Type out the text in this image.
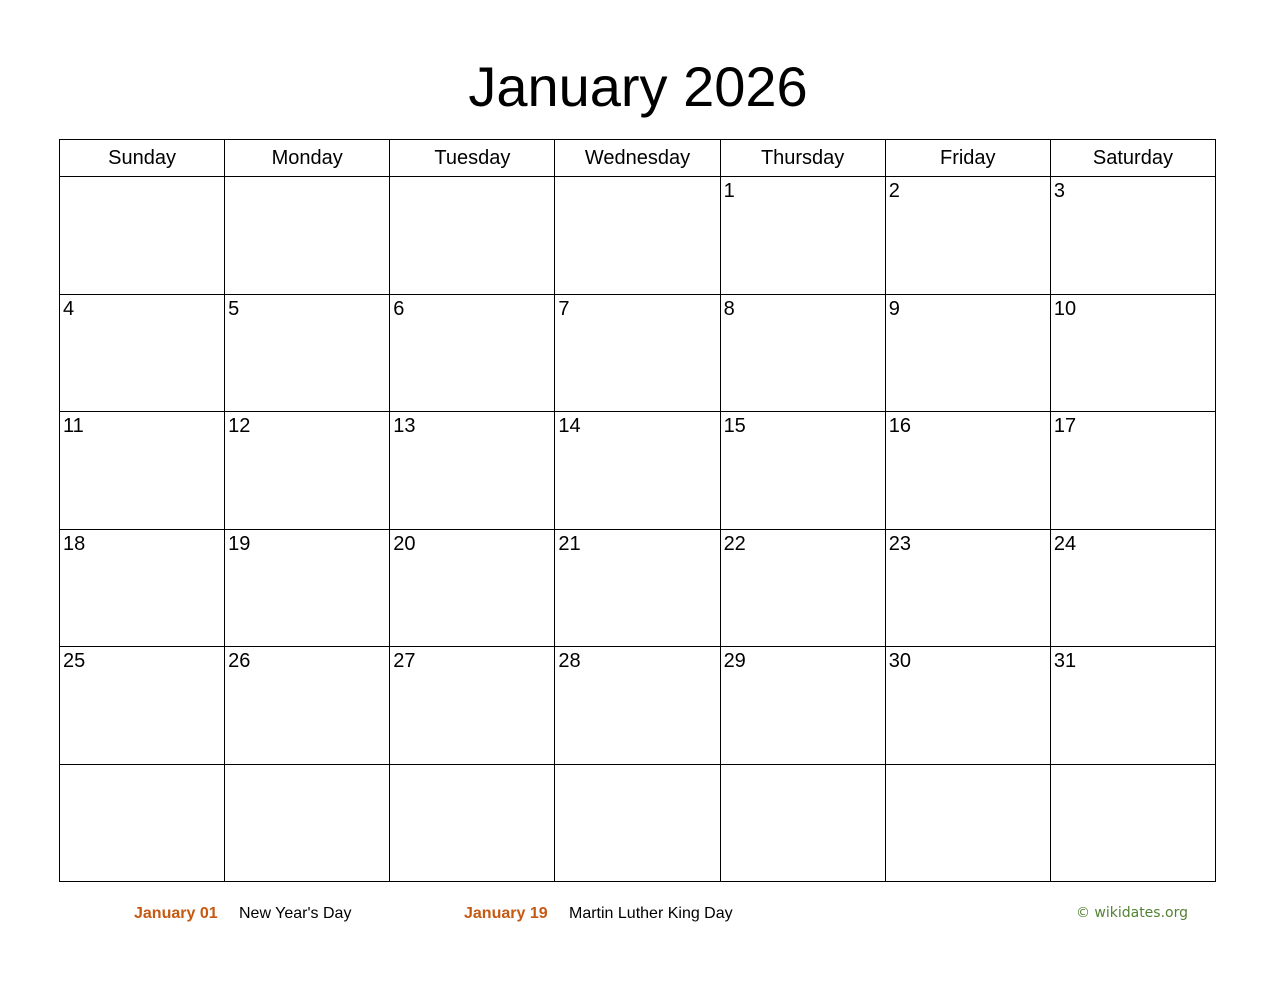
January 2026
Sunday	Monday	Tuesday	Wednesday	Thursday	Friday	Saturday

				1	2	3

4	5	6	7	8	9	10

11	12	13	14	15	16	17

18	19	20	21	22	23	24

25	26	27	28	29	30	31

January 01 New Year's Day	January 19 Martin Luther King Day	© wikidates.org
